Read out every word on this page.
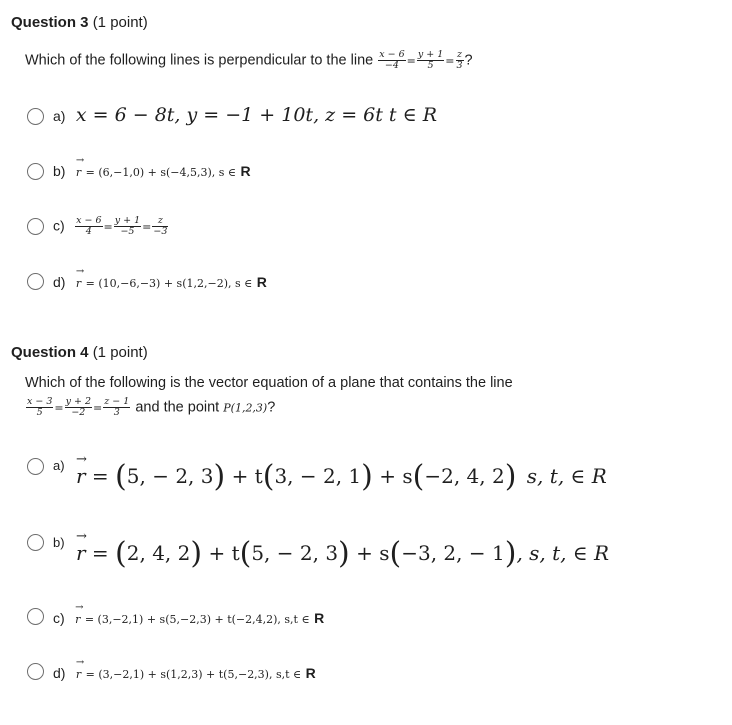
Question 3 (1 point)
Which of the following lines is perpendicular to the line $\frac{x - 6}{-4} = \frac{y + 1}{5} = \frac{z}{3}$ ?
a) x = 6 − 8t, y = −1 + 10t, z = 6t t ∈ R
b)
→
r = (6,−1,0) + s(−4,5,3), s ∈ R
$c) \frac{x - 6}{4} = \frac{y + 1}{-5} = \frac{z}{-3}$
d)
→
r = (10,−6,−3) + s(1,2,−2), s ∈ R
Question 4 (1 point)
Which of the following is the vector equation of a plane that contains the line
$\frac{x - 3}{5} = \frac{y + 2}{-2} = \frac{z - 1}{3}$ and the point P(1,2,3)?
a) →
r = (5, − 2, 3) + t(3, − 2, 1) + s(−2, 4, 2) s, t, ∈ R
b) →
r = (2, 4, 2) + t(5, − 2, 3) + s(−3, 2, − 1), s, t, ∈ R
c)
→
r = (3,−2,1) + s(5,−2,3) + t(−2,4,2), s,t ∈ R
d)
→
r = (3,−2,1) + s(1,2,3) + t(5,−2,3), s,t ∈ R
